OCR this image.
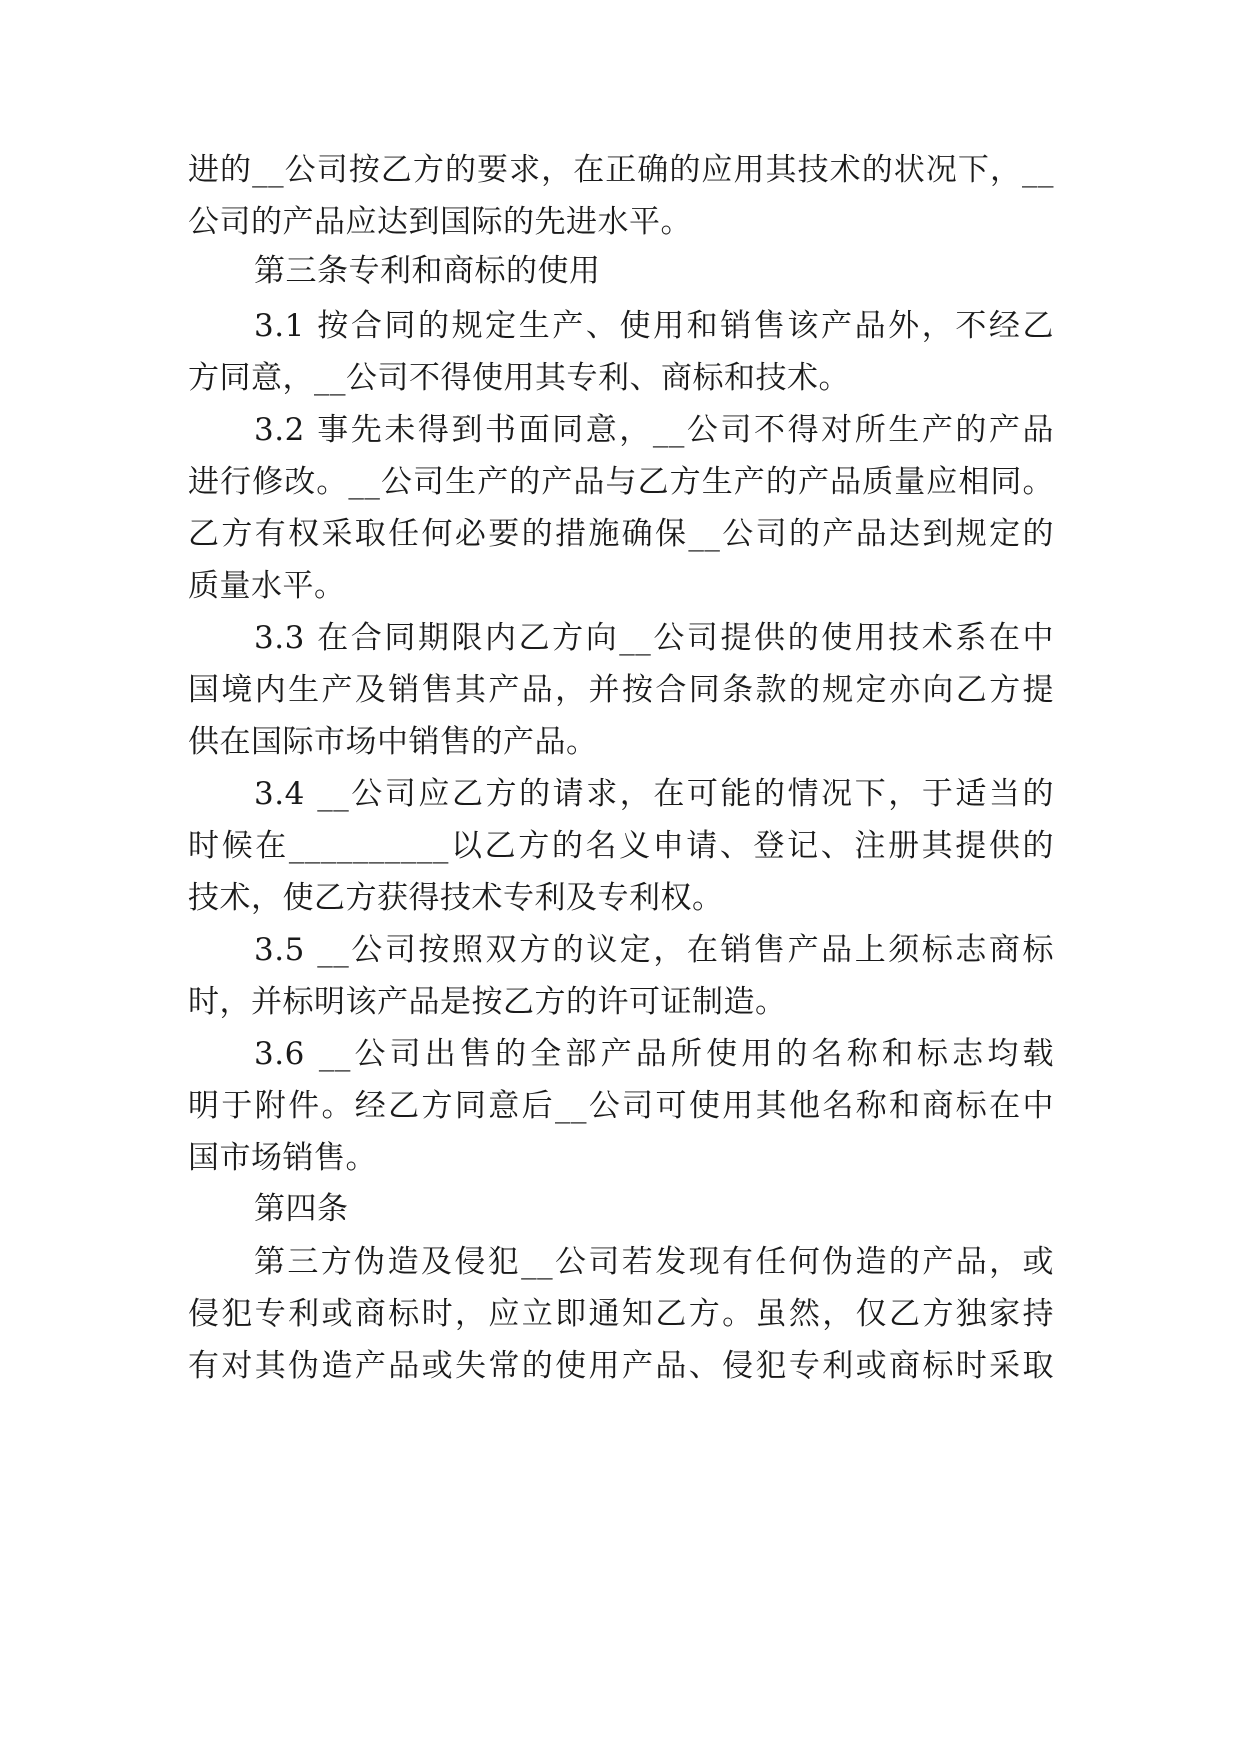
进的__公司按乙方的要求，在正确的应用其技术的状况下，__
公司的产品应达到国际的先进水平。
第三条专利和商标的使用
3.1 按合同的规定生产、使用和销售该产品外，不经乙
方同意，__公司不得使用其专利、商标和技术。
3.2 事先未得到书面同意，__公司不得对所生产的产品
进行修改。__公司生产的产品与乙方生产的产品质量应相同。
乙方有权采取任何必要的措施确保__公司的产品达到规定的
质量水平。
3.3 在合同期限内乙方向__公司提供的使用技术系在中
国境内生产及销售其产品，并按合同条款的规定亦向乙方提
供在国际市场中销售的产品。
3.4 __公司应乙方的请求，在可能的情况下，于适当的
时候在__________以乙方的名义申请、登记、注册其提供的
技术，使乙方获得技术专利及专利权。
3.5 __公司按照双方的议定，在销售产品上须标志商标
时，并标明该产品是按乙方的许可证制造。
3.6 __公司出售的全部产品所使用的名称和标志均载
明于附件。经乙方同意后__公司可使用其他名称和商标在中
国市场销售。
第四条
第三方伪造及侵犯__公司若发现有任何伪造的产品，或
侵犯专利或商标时，应立即通知乙方。虽然，仅乙方独家持
有对其伪造产品或失常的使用产品、侵犯专利或商标时采取
